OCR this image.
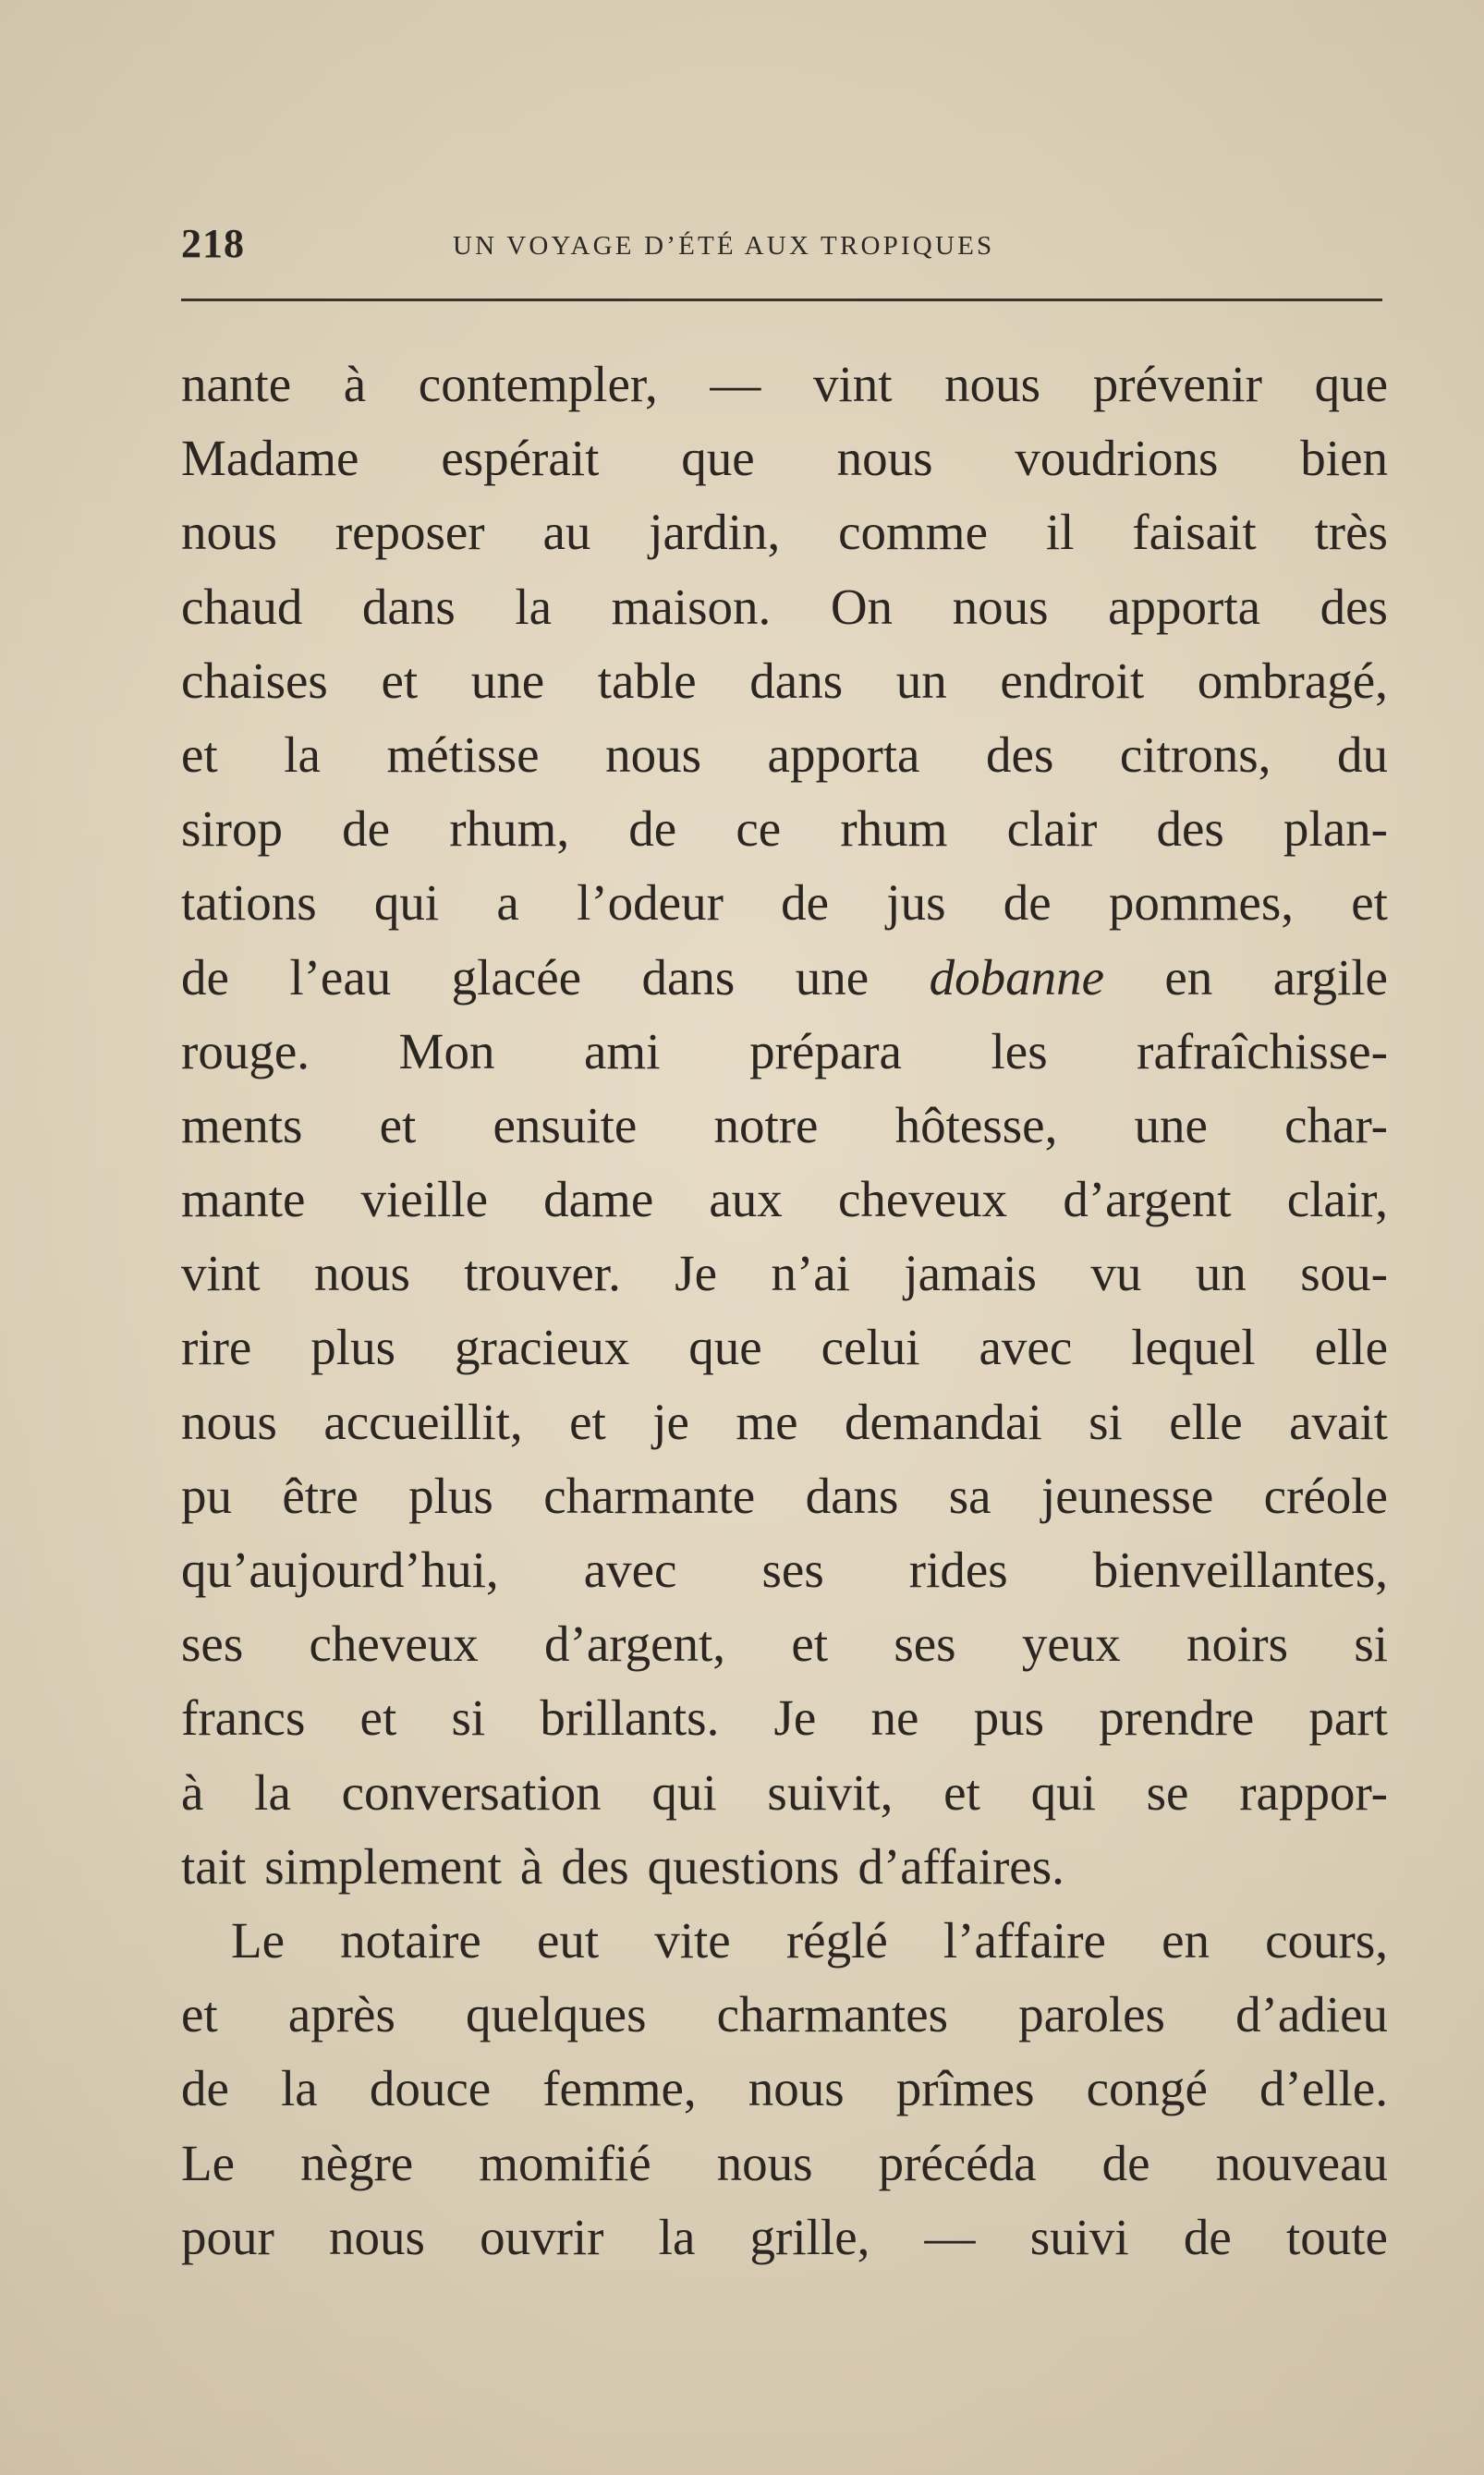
218	UN VOYAGE D’ÉTÉ AUX TROPIQUES
nante à contempler, — vint nous prévenir que
Madame espérait que nous voudrions bien
nous reposer au jardin, comme il faisait très
chaud dans la maison. On nous apporta des
chaises et une table dans un endroit ombragé,
et la métisse nous apporta des citrons, du
sirop de rhum, de ce rhum clair des plan-
tations qui a l’odeur de jus de pommes, et
de l’eau glacée dans une dobanne en argile
rouge. Mon ami prépara les rafraîchisse-
ments et ensuite notre hôtesse, une char-
mante vieille dame aux cheveux d’argent clair,
vint nous trouver. Je n’ai jamais vu un sou-
rire plus gracieux que celui avec lequel elle
nous accueillit, et je me demandai si elle avait
pu être plus charmante dans sa jeunesse créole
qu’aujourd’hui, avec ses rides bienveillantes,
ses cheveux d’argent, et ses yeux noirs si
francs et si brillants. Je ne pus prendre part
à la conversation qui suivit, et qui se rappor-
tait simplement à des questions d’affaires.
Le notaire eut vite réglé l’affaire en cours,
et après quelques charmantes paroles d’adieu
de la douce femme, nous prîmes congé d’elle.
Le nègre momifié nous précéda de nouveau
pour nous ouvrir la grille, — suivi de toute
